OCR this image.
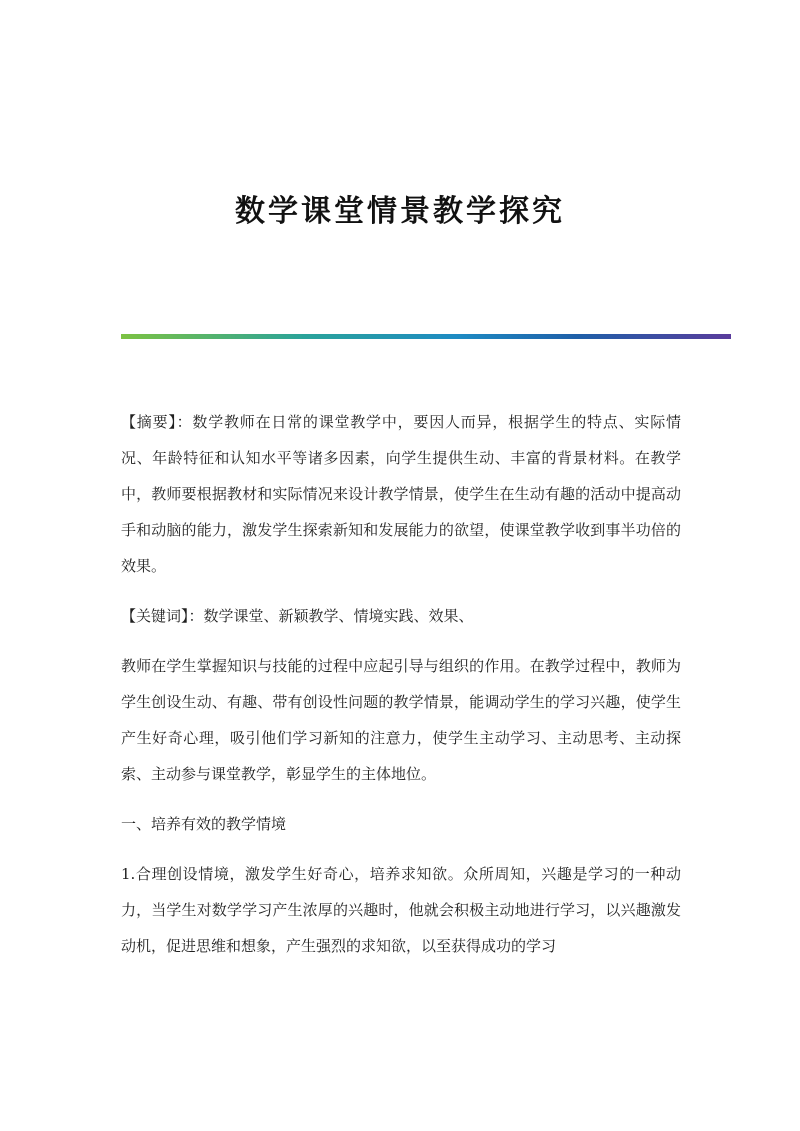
数学课堂情景教学探究

【摘要】：数学教师在日常的课堂教学中，要因人而异，根据学生的特点、实际情况、年龄特征和认知水平等诸多因素，向学生提供生动、丰富的背景材料。在教学中，教师要根据教材和实际情况来设计教学情景，使学生在生动有趣的活动中提高动手和动脑的能力，激发学生探索新知和发展能力的欲望，使课堂教学收到事半功倍的效果。

【关键词】：数学课堂、新颖教学、情境实践、效果、

教师在学生掌握知识与技能的过程中应起引导与组织的作用。在教学过程中，教师为学生创设生动、有趣、带有创设性问题的教学情景，能调动学生的学习兴趣，使学生产生好奇心理，吸引他们学习新知的注意力，使学生主动学习、主动思考、主动探索、主动参与课堂教学，彰显学生的主体地位。

一、培养有效的教学情境

1.合理创设情境，激发学生好奇心，培养求知欲。众所周知，兴趣是学习的一种动力，当学生对数学学习产生浓厚的兴趣时，他就会积极主动地进行学习，以兴趣激发动机，促进思维和想象，产生强烈的求知欲，以至获得成功的学习
